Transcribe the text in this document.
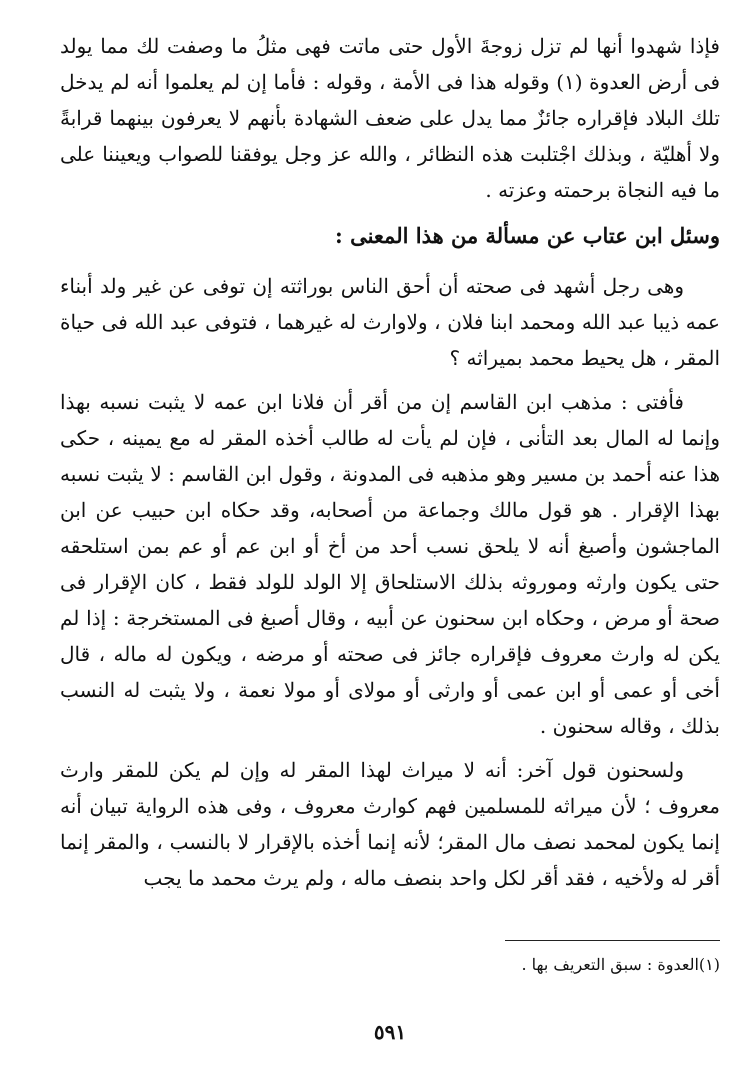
فإذا شهدوا أنها لم تزل زوجةَ الأول حتى ماتت فهى مثلُ ما وصفت لك مما يولد فى أرض العدوة (١) وقوله هذا فى الأمة ، وقوله : فأما إن لم يعلموا أنه لم يدخل تلك البلاد فإقراره جائزٌ مما يدل على ضعف الشهادة بأنهم لا يعرفون بينهما قرابةً ولا أهليّة ، وبذلك اجْتلبت هذه النظائر ، والله عز وجل يوفقنا للصواب ويعيننا على ما فيه النجاة برحمته وعزته .

وسئل ابن عتاب عن مسألة من هذا المعنى :

وهى رجل أشهد فى صحته أن أحق الناس بوراثته إن توفى عن غير ولد أبناء عمه ذيبا عبد الله ومحمد ابنا فلان ، ولاوارث له غيرهما ، فتوفى عبد الله فى حياة المقر ، هل يحيط محمد بميراثه ؟

فأفتى : مذهب ابن القاسم إن من أقر أن فلانا ابن عمه لا يثبت نسبه بهذا وإنما له المال بعد التأنى ، فإن لم يأت له طالب أخذه المقر له مع يمينه ، حكى هذا عنه أحمد بن مسير وهو مذهبه فى المدونة ، وقول ابن القاسم : لا يثبت نسبه بهذا الإقرار . هو قول مالك وجماعة من أصحابه، وقد حكاه ابن حبيب عن ابن الماجشون وأصبغ أنه لا يلحق نسب أحد من أخ أو ابن عم أو عم بمن استلحقه حتى يكون وارثه وموروثه بذلك الاستلحاق إلا الولد للولد فقط ، كان الإقرار فى صحة أو مرض ، وحكاه ابن سحنون عن أبيه ، وقال أصبغ فى المستخرجة : إذا لم يكن له وارث معروف فإقراره جائز فى صحته أو مرضه ، ويكون له ماله ، قال أخى أو عمى أو ابن عمى أو وارثى أو مولاى أو مولا نعمة ، ولا يثبت له النسب بذلك ، وقاله سحنون .

ولسحنون قول آخر: أنه لا ميراث لهذا المقر له وإن لم يكن للمقر وارث معروف ؛ لأن ميراثه للمسلمين فهم كوارث معروف ، وفى هذه الرواية تبيان أنه إنما يكون لمحمد نصف مال المقر؛ لأنه إنما أخذه بالإقرار لا بالنسب ، والمقر إنما أقر له ولأخيه ، فقد أقر لكل واحد بنصف ماله ، ولم يرث محمد ما يجب

(١)العدوة : سبق التعريف بها .
٥٩١
